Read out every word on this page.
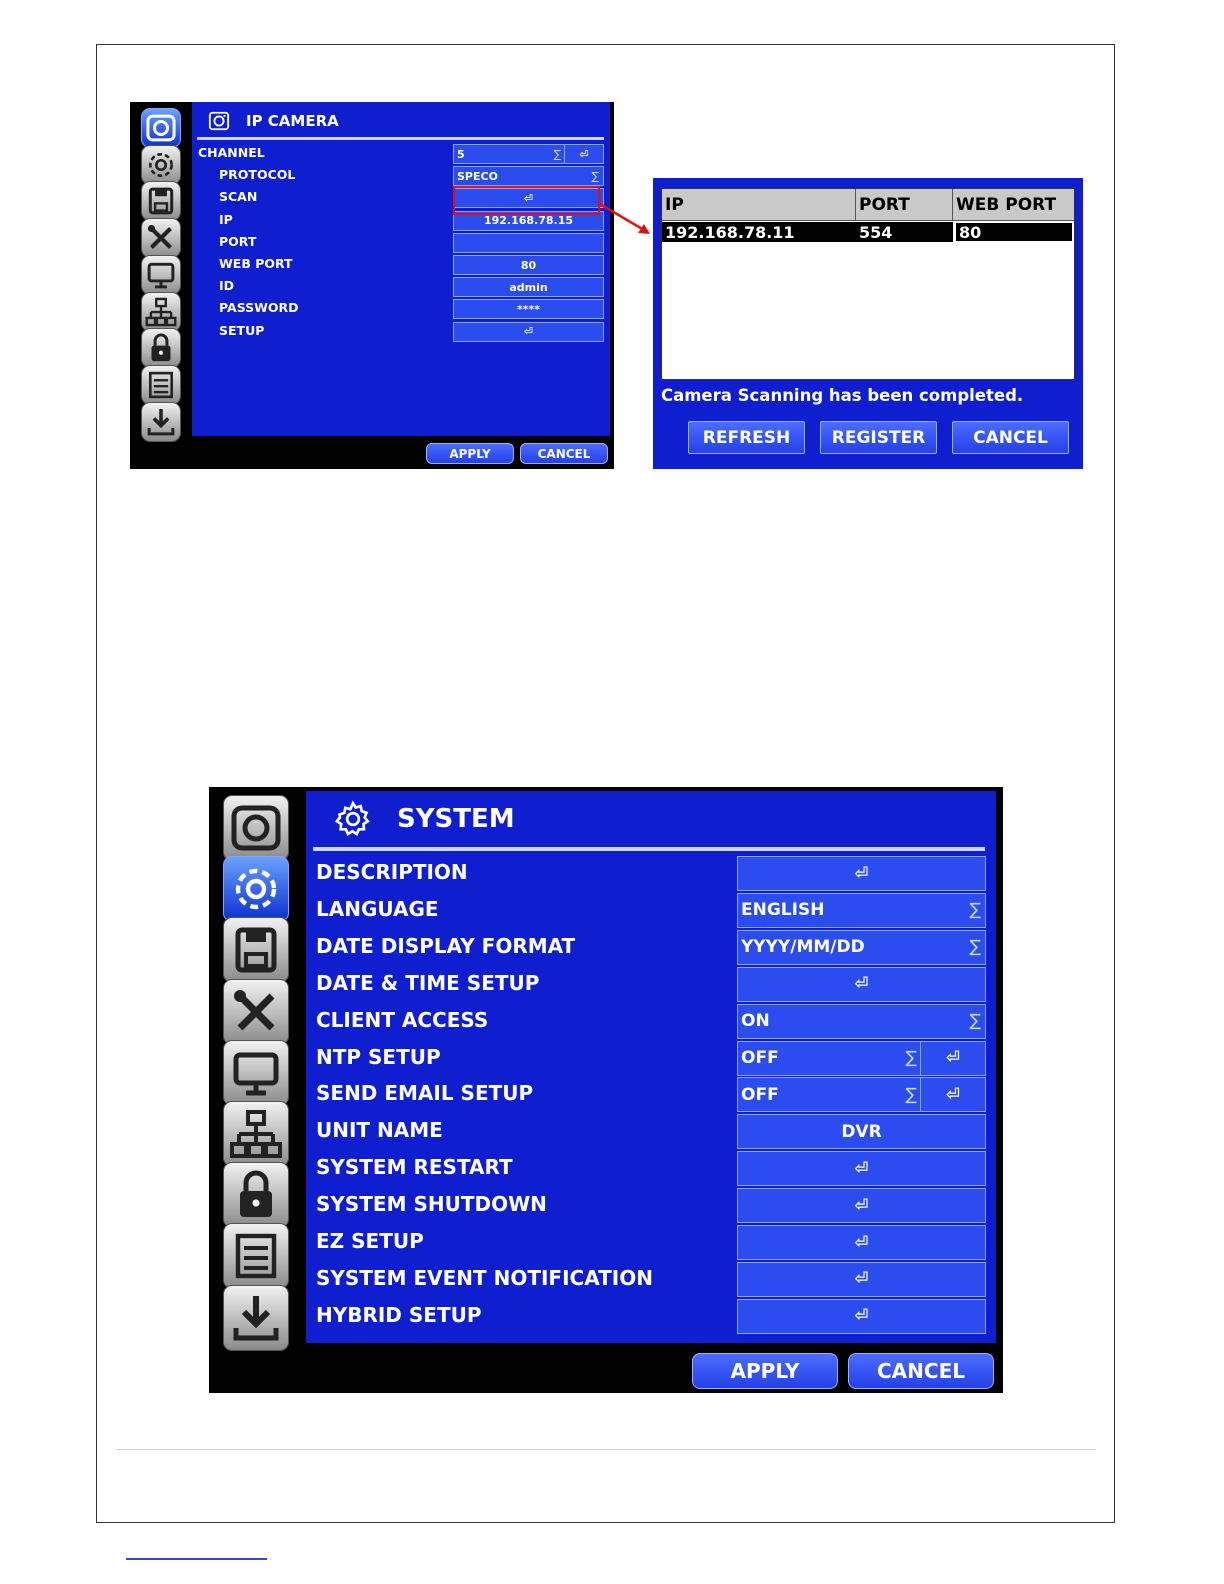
IP CAMERA
CHANNEL	5	∑	⏎
PROTOCOL	SPECO	∑
SCAN	⏎
IP	192.168.78.15
PORT
WEB PORT	80
ID	admin
PASSWORD	****
SETUP	⏎
APPLY	CANCEL
IP	PORT	WEB PORT
192.168.78.11	554	80
Camera Scanning has been completed.
REFRESH	REGISTER	CANCEL
SYSTEM
DESCRIPTION	⏎
LANGUAGE	ENGLISH	∑
DATE DISPLAY FORMAT	YYYY/MM/DD	∑
DATE & TIME SETUP	⏎
CLIENT ACCESS	ON	∑
NTP SETUP	OFF	∑	⏎
SEND EMAIL SETUP	OFF	∑	⏎
UNIT NAME	DVR
SYSTEM RESTART	⏎
SYSTEM SHUTDOWN	⏎
EZ SETUP	⏎
SYSTEM EVENT NOTIFICATION	⏎
HYBRID SETUP	⏎
APPLY	CANCEL
